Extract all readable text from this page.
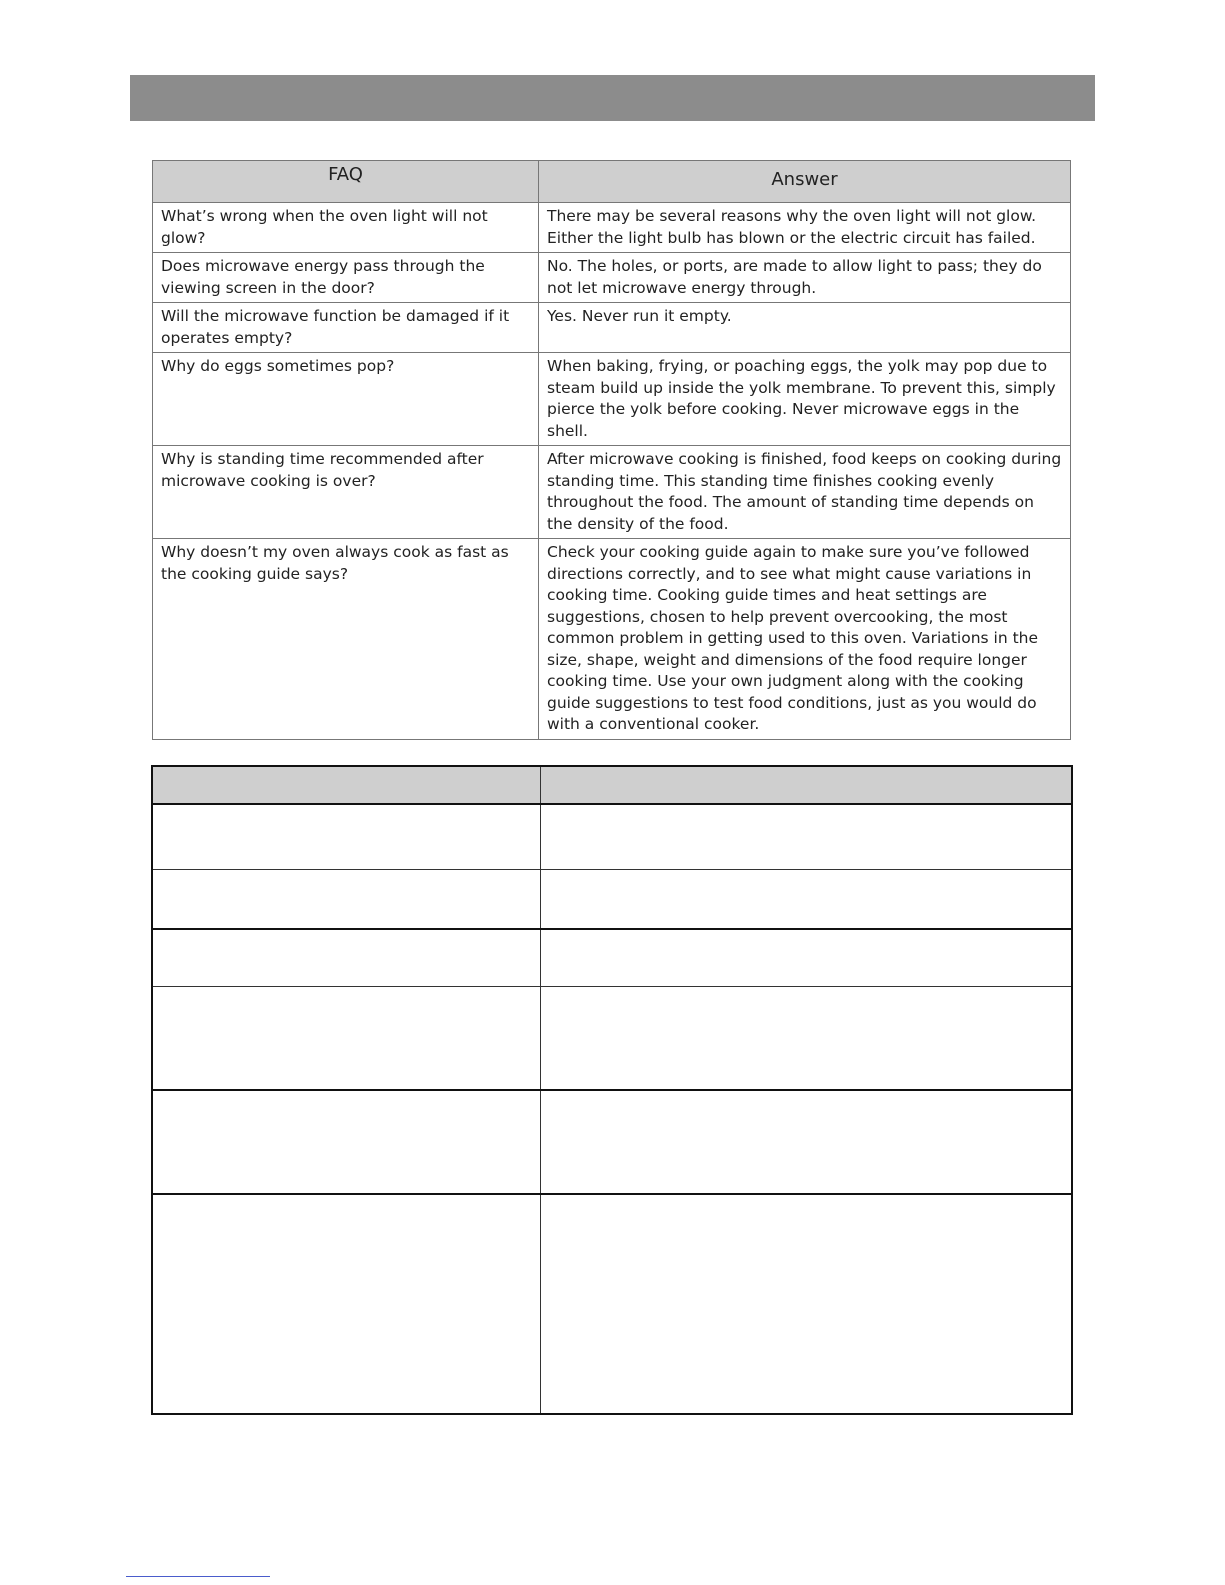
FAQ	Answer
What’s wrong when the oven light will not glow?	There may be several reasons why the oven light will not glow. Either the light bulb has blown or the electric circuit has failed.
Does microwave energy pass through the viewing screen in the door?	No. The holes, or ports, are made to allow light to pass; they do not let microwave energy through.
Will the microwave function be damaged if it operates empty?	Yes. Never run it empty.
Why do eggs sometimes pop?	When baking, frying, or poaching eggs, the yolk may pop due to steam build up inside the yolk membrane. To prevent this, simply pierce the yolk before cooking. Never microwave eggs in the shell.
Why is standing time recommended after microwave cooking is over?	After microwave cooking is finished, food keeps on cooking during standing time. This standing time finishes cooking evenly throughout the food. The amount of standing time depends on the density of the food.
Why doesn’t my oven always cook as fast as the cooking guide says?	Check your cooking guide again to make sure you’ve followed directions correctly, and to see what might cause variations in cooking time. Cooking guide times and heat settings are suggestions, chosen to help prevent overcooking, the most common problem in getting used to this oven. Variations in the size, shape, weight and dimensions of the food require longer cooking time. Use your own judgment along with the cooking guide suggestions to test food conditions, just as you would do with a conventional cooker.
